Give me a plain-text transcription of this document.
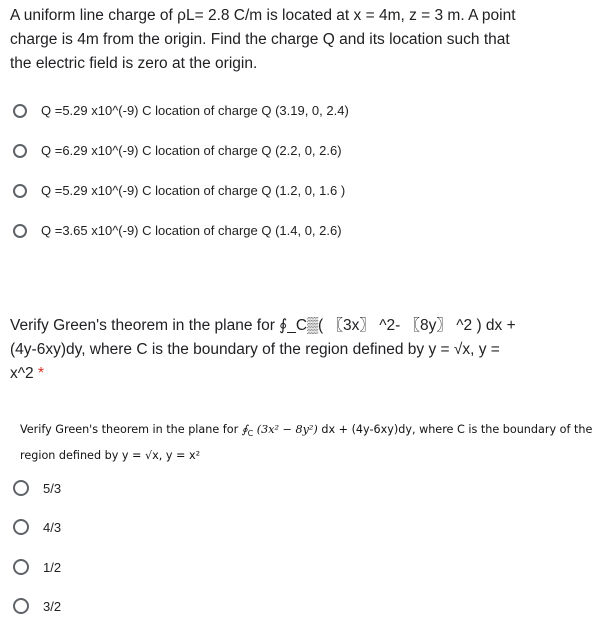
A uniform line charge of ρL= 2.8 C/m is located at x = 4m, z = 3 m. A point
charge is 4m from the origin. Find the charge Q and its location such that
the electric field is zero at the origin.
Q =5.29 x10^(-9) C location of charge Q (3.19, 0, 2.4)
Q =6.29 x10^(-9) C location of charge Q (2.2, 0, 2.6)
Q =5.29 x10^(-9) C location of charge Q (1.2, 0, 1.6 )
Q =3.65 x10^(-9) C location of charge Q (1.4, 0, 2.6)
Verify Green's theorem in the plane for ∮_C▒( 〖3x〗 ^2- 〖8y〗 ^2 ) dx +
(4y-6xy)dy, where C is the boundary of the region defined by y = √x, y =
x^2 *
Verify Green's theorem in the plane for $∮_C$ (3x² − 8y²) dx + (4y-6xy)dy, where C is the boundary of the
region defined by y = √x, y = x²
5/3
4/3
1/2
3/2
